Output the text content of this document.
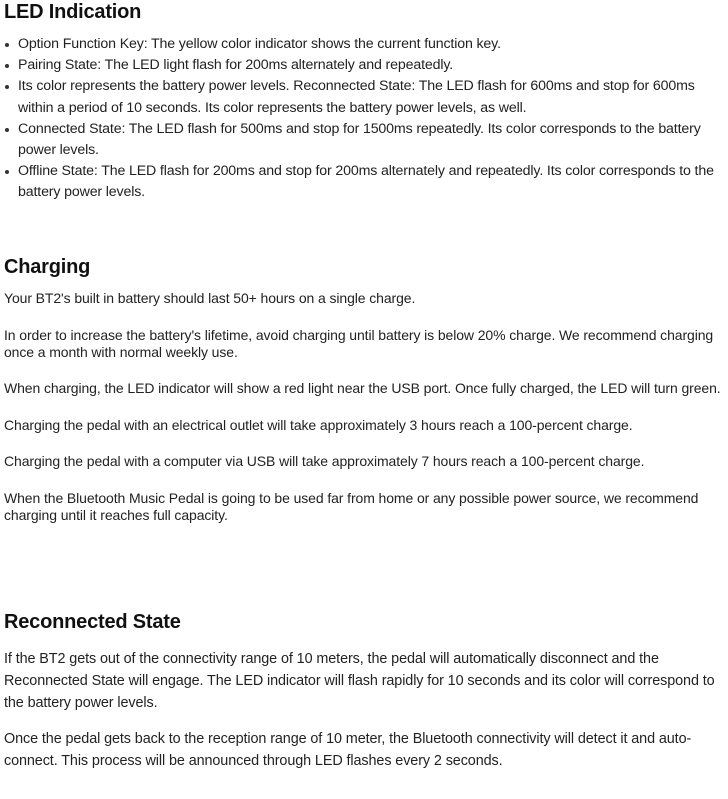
LED Indication
Option Function Key: The yellow color indicator shows the current function key.
Pairing State: The LED light flash for 200ms alternately and repeatedly.
Its color represents the battery power levels. Reconnected State: The LED flash for 600ms and stop for 600ms within a period of 10 seconds. Its color represents the battery power levels, as well.
Connected State: The LED flash for 500ms and stop for 1500ms repeatedly. Its color corresponds to the battery power levels.
Offline State: The LED flash for 200ms and stop for 200ms alternately and repeatedly. Its color corresponds to the battery power levels.
Charging

Your BT2's built in battery should last 50+ hours on a single charge.

In order to increase the battery's lifetime, avoid charging until battery is below 20% charge. We recommend charging once a month with normal weekly use.

When charging, the LED indicator will show a red light near the USB port. Once fully charged, the LED will turn green.

Charging the pedal with an electrical outlet will take approximately 3 hours reach a 100-percent charge.

Charging the pedal with a computer via USB will take approximately 7 hours reach a 100-percent charge.

When the Bluetooth Music Pedal is going to be used far from home or any possible power source, we recommend charging until it reaches full capacity.

Reconnected State

If the BT2 gets out of the connectivity range of 10 meters, the pedal will automatically disconnect and the Reconnected State will engage. The LED indicator will flash rapidly for 10 seconds and its color will correspond to the battery power levels.

Once the pedal gets back to the reception range of 10 meter, the Bluetooth connectivity will detect it and auto-connect. This process will be announced through LED flashes every 2 seconds.
